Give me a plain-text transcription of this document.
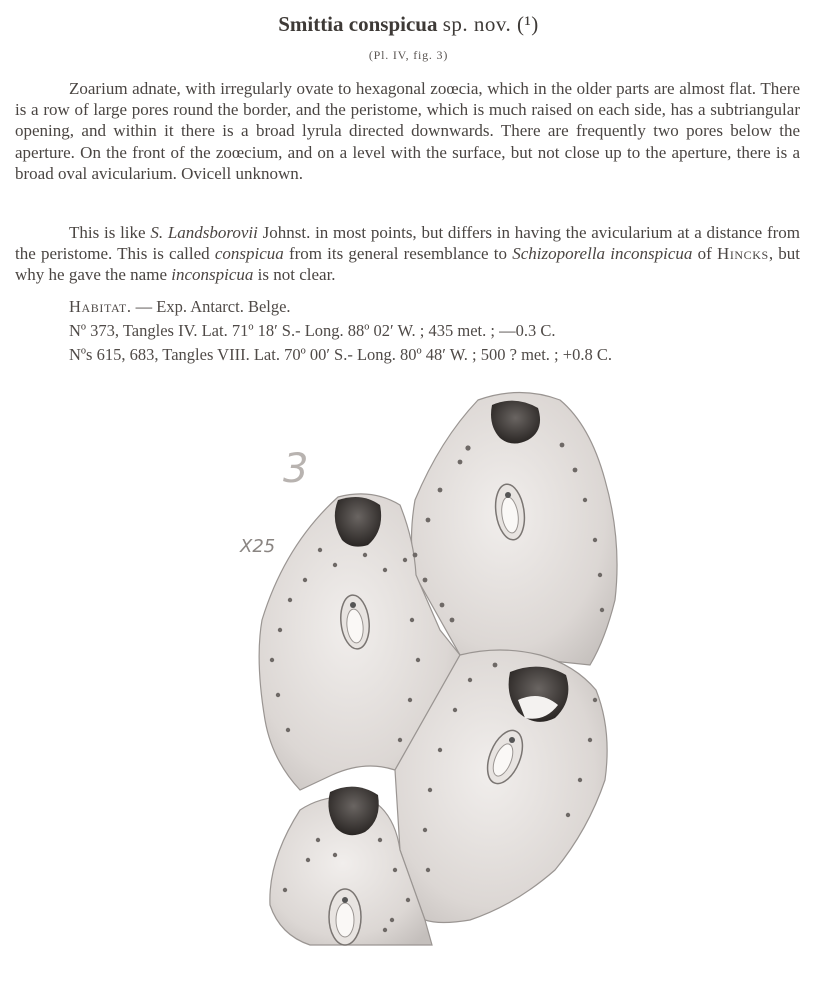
Smittia conspicua sp. nov. (¹)
(Pl. IV, fig. 3)
Zoarium adnate, with irregularly ovate to hexagonal zoœcia, which in the older parts are almost flat. There is a row of large pores round the border, and the peristome, which is much raised on each side, has a subtriangular opening, and within it there is a broad lyrula directed downwards. There are frequently two pores below the aperture. On the front of the zoœcium, and on a level with the surface, but not close up to the aperture, there is a broad oval avicularium. Ovicell unknown.
This is like S. Landsborovii Johnst. in most points, but differs in having the avicularium at a distance from the peristome. This is called conspicua from its general resemblance to Schizoporella inconspicua of Hincks, but why he gave the name inconspicua is not clear.
Habitat. — Exp. Antarct. Belge.
Nº 373, Tangles IV. Lat. 71º 18′ S.- Long. 88º 02′ W. ; 435 met. ; —0.3 C.
Nºs 615, 683, Tangles VIII. Lat. 70º 00′ S.- Long. 80º 48′ W. ; 500 ? met. ; +0.8 C.
3
X25
